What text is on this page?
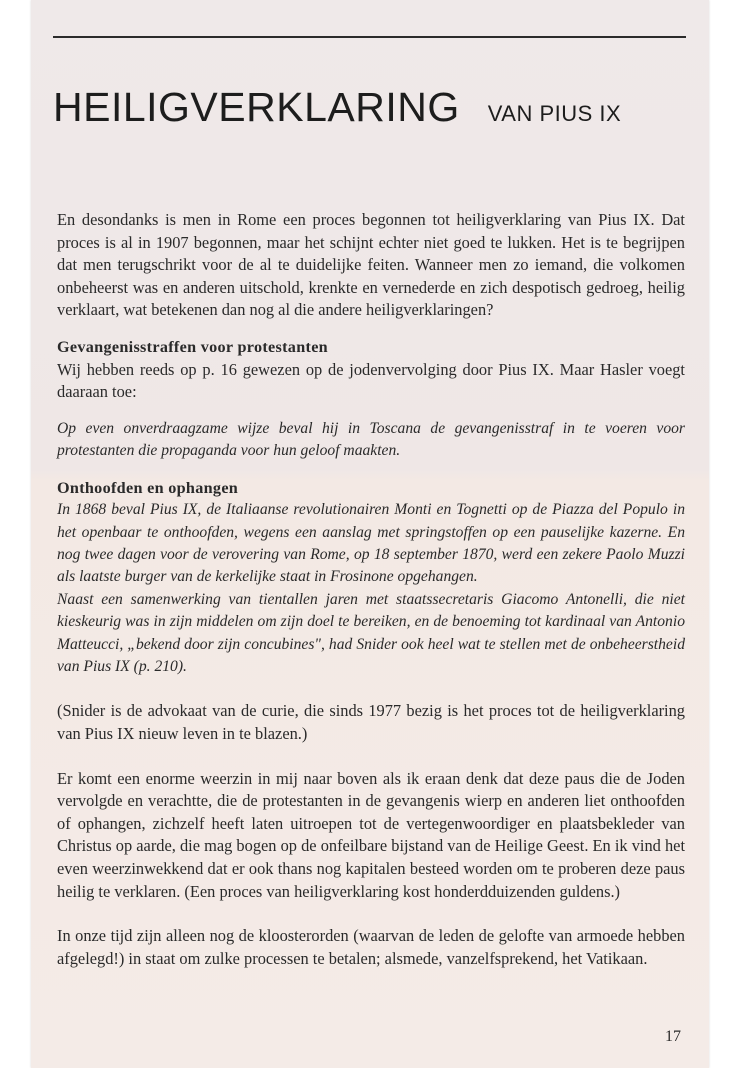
HEILIGVERKLARING VAN PIUS IX

En desondanks is men in Rome een proces begonnen tot heiligverklaring van Pius IX. Dat proces is al in 1907 begonnen, maar het schijnt echter niet goed te lukken. Het is te begrijpen dat men terugschrikt voor de al te duidelijke feiten. Wanneer men zo iemand, die volkomen onbeheerst was en anderen uitschold, krenkte en vernederde en zich despotisch gedroeg, heilig verklaart, wat betekenen dan nog al die andere heiligverklaringen?

Gevangenisstraffen voor protestanten

Wij hebben reeds op p. 16 gewezen op de jodenvervolging door Pius IX. Maar Hasler voegt daaraan toe:

Op even onverdraagzame wijze beval hij in Toscana de gevangenisstraf in te voeren voor protestanten die propaganda voor hun geloof maakten.

Onthoofden en ophangen

In 1868 beval Pius IX, de Italiaanse revolutionairen Monti en Tognetti op de Piazza del Populo in het openbaar te onthoofden, wegens een aanslag met springstoffen op een pauselijke kazerne. En nog twee dagen voor de verovering van Rome, op 18 september 1870, werd een zekere Paolo Muzzi als laatste burger van de kerkelijke staat in Frosinone opgehangen.

Naast een samenwerking van tientallen jaren met staatssecretaris Giacomo Antonelli, die niet kieskeurig was in zijn middelen om zijn doel te bereiken, en de benoeming tot kardinaal van Antonio Matteucci, „bekend door zijn concubines", had Snider ook heel wat te stellen met de onbeheerstheid van Pius IX (p. 210).

(Snider is de advokaat van de curie, die sinds 1977 bezig is het proces tot de heiligverklaring van Pius IX nieuw leven in te blazen.)

Er komt een enorme weerzin in mij naar boven als ik eraan denk dat deze paus die de Joden vervolgde en verachtte, die de protestanten in de gevangenis wierp en anderen liet onthoofden of ophangen, zichzelf heeft laten uitroepen tot de vertegenwoordiger en plaatsbekleder van Christus op aarde, die mag bogen op de onfeilbare bijstand van de Heilige Geest. En ik vind het even weerzinwekkend dat er ook thans nog kapitalen besteed worden om te proberen deze paus heilig te verklaren. (Een proces van heiligverklaring kost honderdduizenden guldens.)

In onze tijd zijn alleen nog de kloosterorden (waarvan de leden de gelofte van armoede hebben afgelegd!) in staat om zulke processen te betalen; alsmede, vanzelfsprekend, het Vatikaan.

17
